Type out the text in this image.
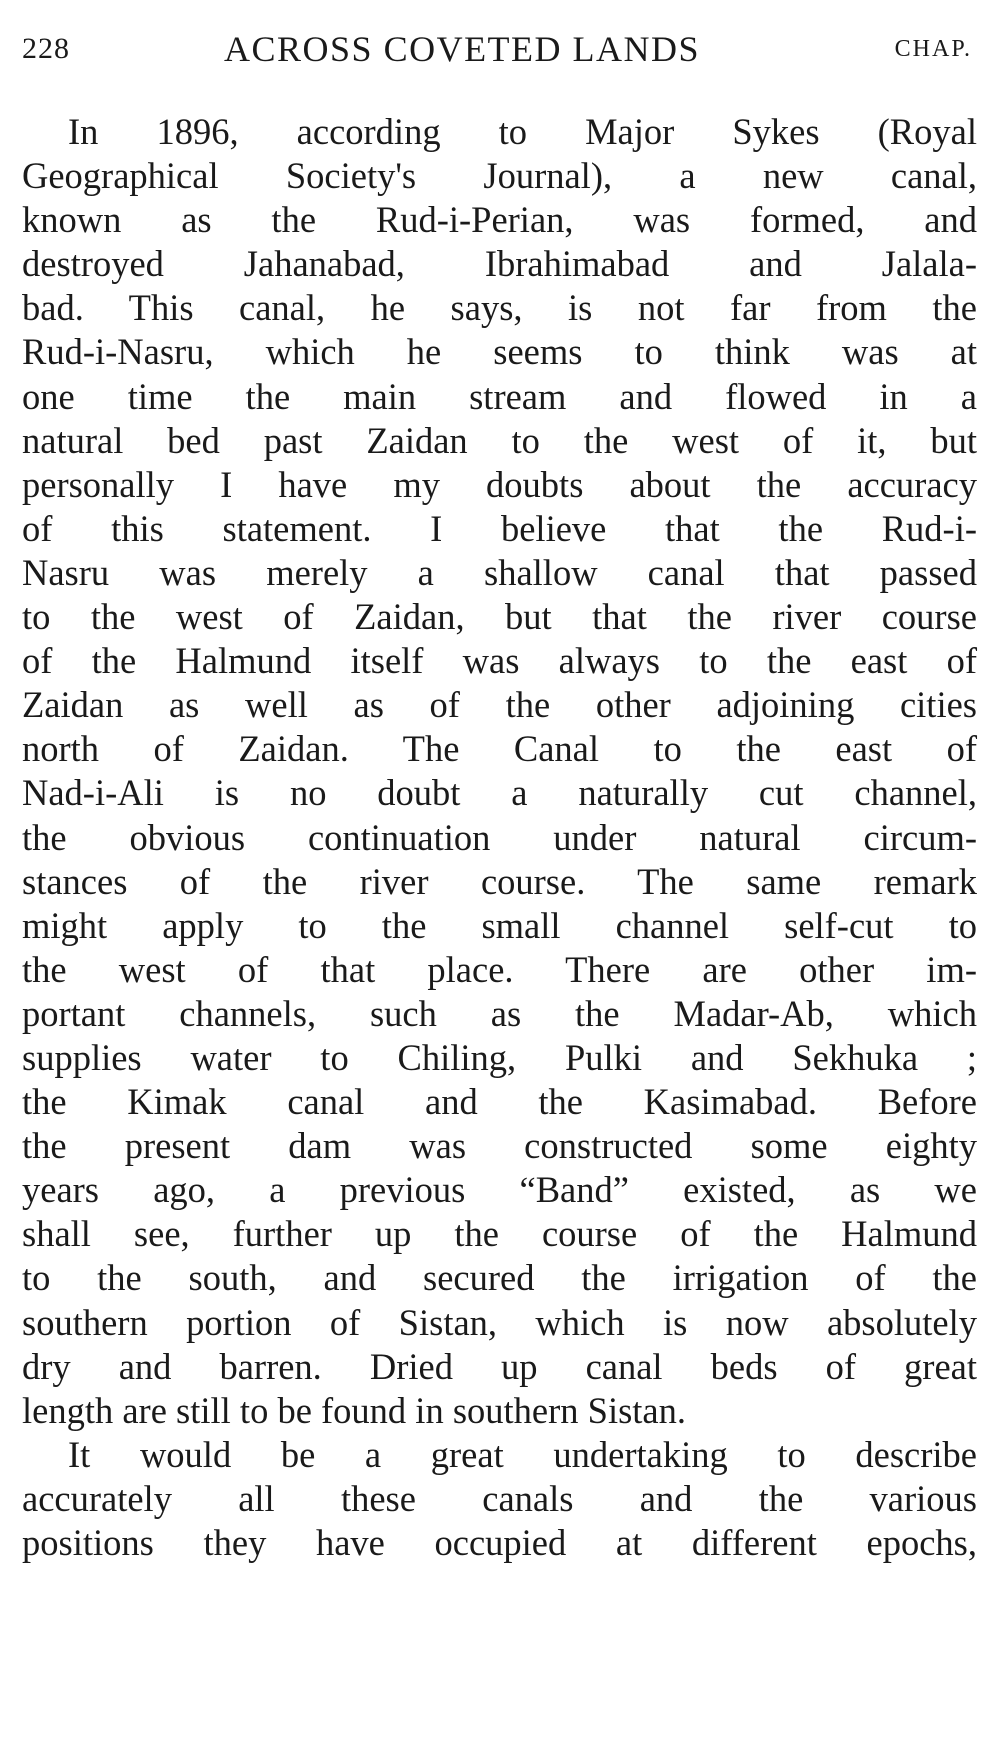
228	ACROSS COVETED LANDS	CHAP.
In 1896, according to Major Sykes (Royal
Geographical Society's Journal), a new canal,
known as the Rud-i-Perian, was formed, and
destroyed Jahanabad, Ibrahimabad and Jalala-
bad. This canal, he says, is not far from the
Rud-i-Nasru, which he seems to think was at
one time the main stream and flowed in a
natural bed past Zaidan to the west of it, but
personally I have my doubts about the accuracy
of this statement. I believe that the Rud-i-
Nasru was merely a shallow canal that passed
to the west of Zaidan, but that the river course
of the Halmund itself was always to the east of
Zaidan as well as of the other adjoining cities
north of Zaidan. The Canal to the east of
Nad-i-Ali is no doubt a naturally cut channel,
the obvious continuation under natural circum-
stances of the river course. The same remark
might apply to the small channel self-cut to
the west of that place. There are other im-
portant channels, such as the Madar-Ab, which
supplies water to Chiling, Pulki and Sekhuka ;
the Kimak canal and the Kasimabad. Before
the present dam was constructed some eighty
years ago, a previous “Band” existed, as we
shall see, further up the course of the Halmund
to the south, and secured the irrigation of the
southern portion of Sistan, which is now absolutely
dry and barren. Dried up canal beds of great
length are still to be found in southern Sistan.
It would be a great undertaking to describe
accurately all these canals and the various
positions they have occupied at different epochs,
